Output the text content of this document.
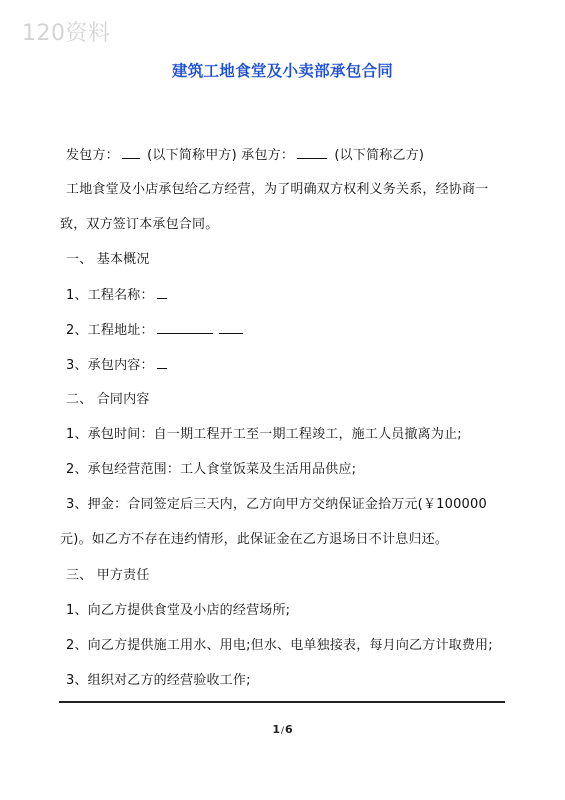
120资料
建筑工地食堂及小卖部承包合同
发包方： (以下简称甲方) 承包方：	(以下简称乙方)
工地食堂及小店承包给乙方经营，为了明确双方权利义务关系，经协商一
致，双方签订本承包合同。
一、 基本概况
1、工程名称：
2、工程地址：
3、承包内容：
二、 合同内容
1、承包时间：自一期工程开工至一期工程竣工，施工人员撤离为止;
2、承包经营范围：工人食堂饭菜及生活用品供应;
3、押金：合同签定后三天内，乙方向甲方交纳保证金拾万元(￥100000
元)。如乙方不存在违约情形，此保证金在乙方退场日不计息归还。
三、 甲方责任
1、向乙方提供食堂及小店的经营场所;
2、向乙方提供施工用水、用电;但水、电单独接表，每月向乙方计取费用;
3、组织对乙方的经营验收工作;
1/6
